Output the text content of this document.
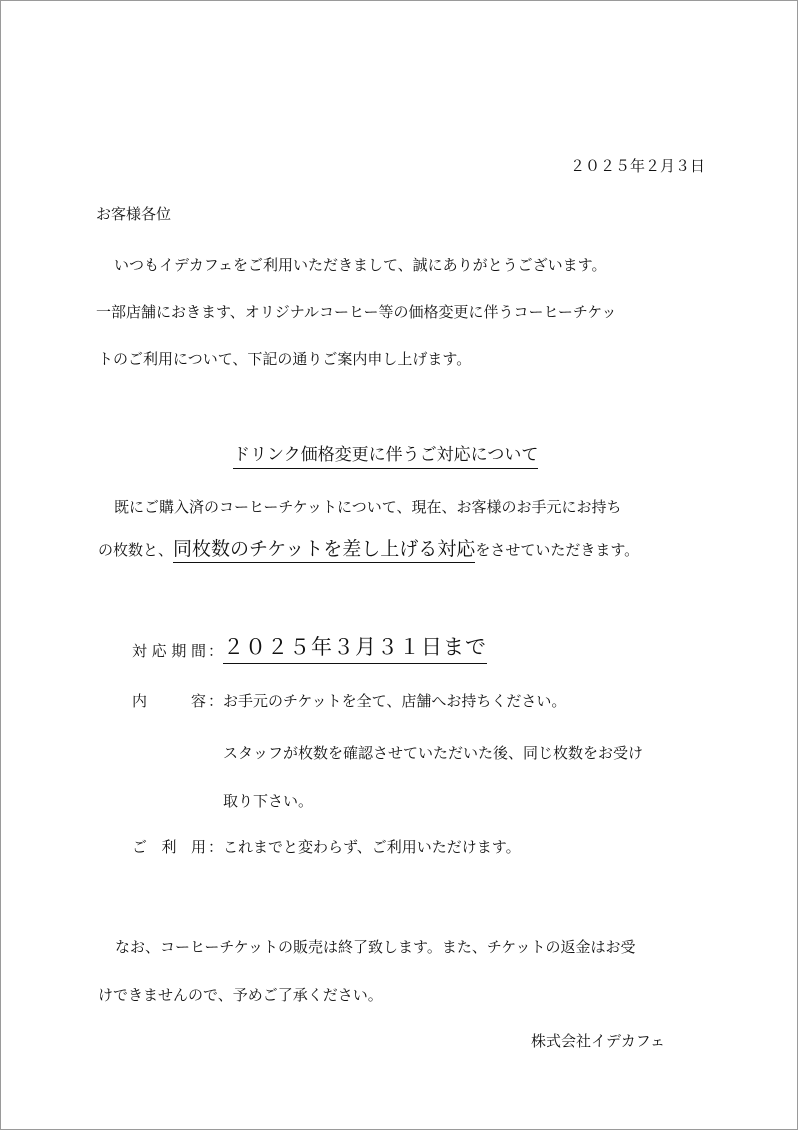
２０２５年２月３日
お客様各位
いつもイデカフェをご利用いただきまして、誠にありがとうございます。
一部店舗におきます、オリジナルコーヒー等の価格変更に伴うコーヒーチケッ
トのご利用について、下記の通りご案内申し上げます。
ドリンク価格変更に伴うご対応について
既にご購入済のコーヒーチケットについて、現在、お客様のお手元にお持ち
の枚数と、同枚数のチケットを差し上げる対応をさせていただきます。
対応期間 ： ２０２５年３月３１日まで
内容 ： お手元のチケットを全て、店舗へお持ちください。
スタッフが枚数を確認させていただいた後、同じ枚数をお受け
取り下さい。
ご利用 ： これまでと変わらず、ご利用いただけます。
なお、コーヒーチケットの販売は終了致します。また、チケットの返金はお受
けできませんので、予めご了承ください。
株式会社イデカフェ
